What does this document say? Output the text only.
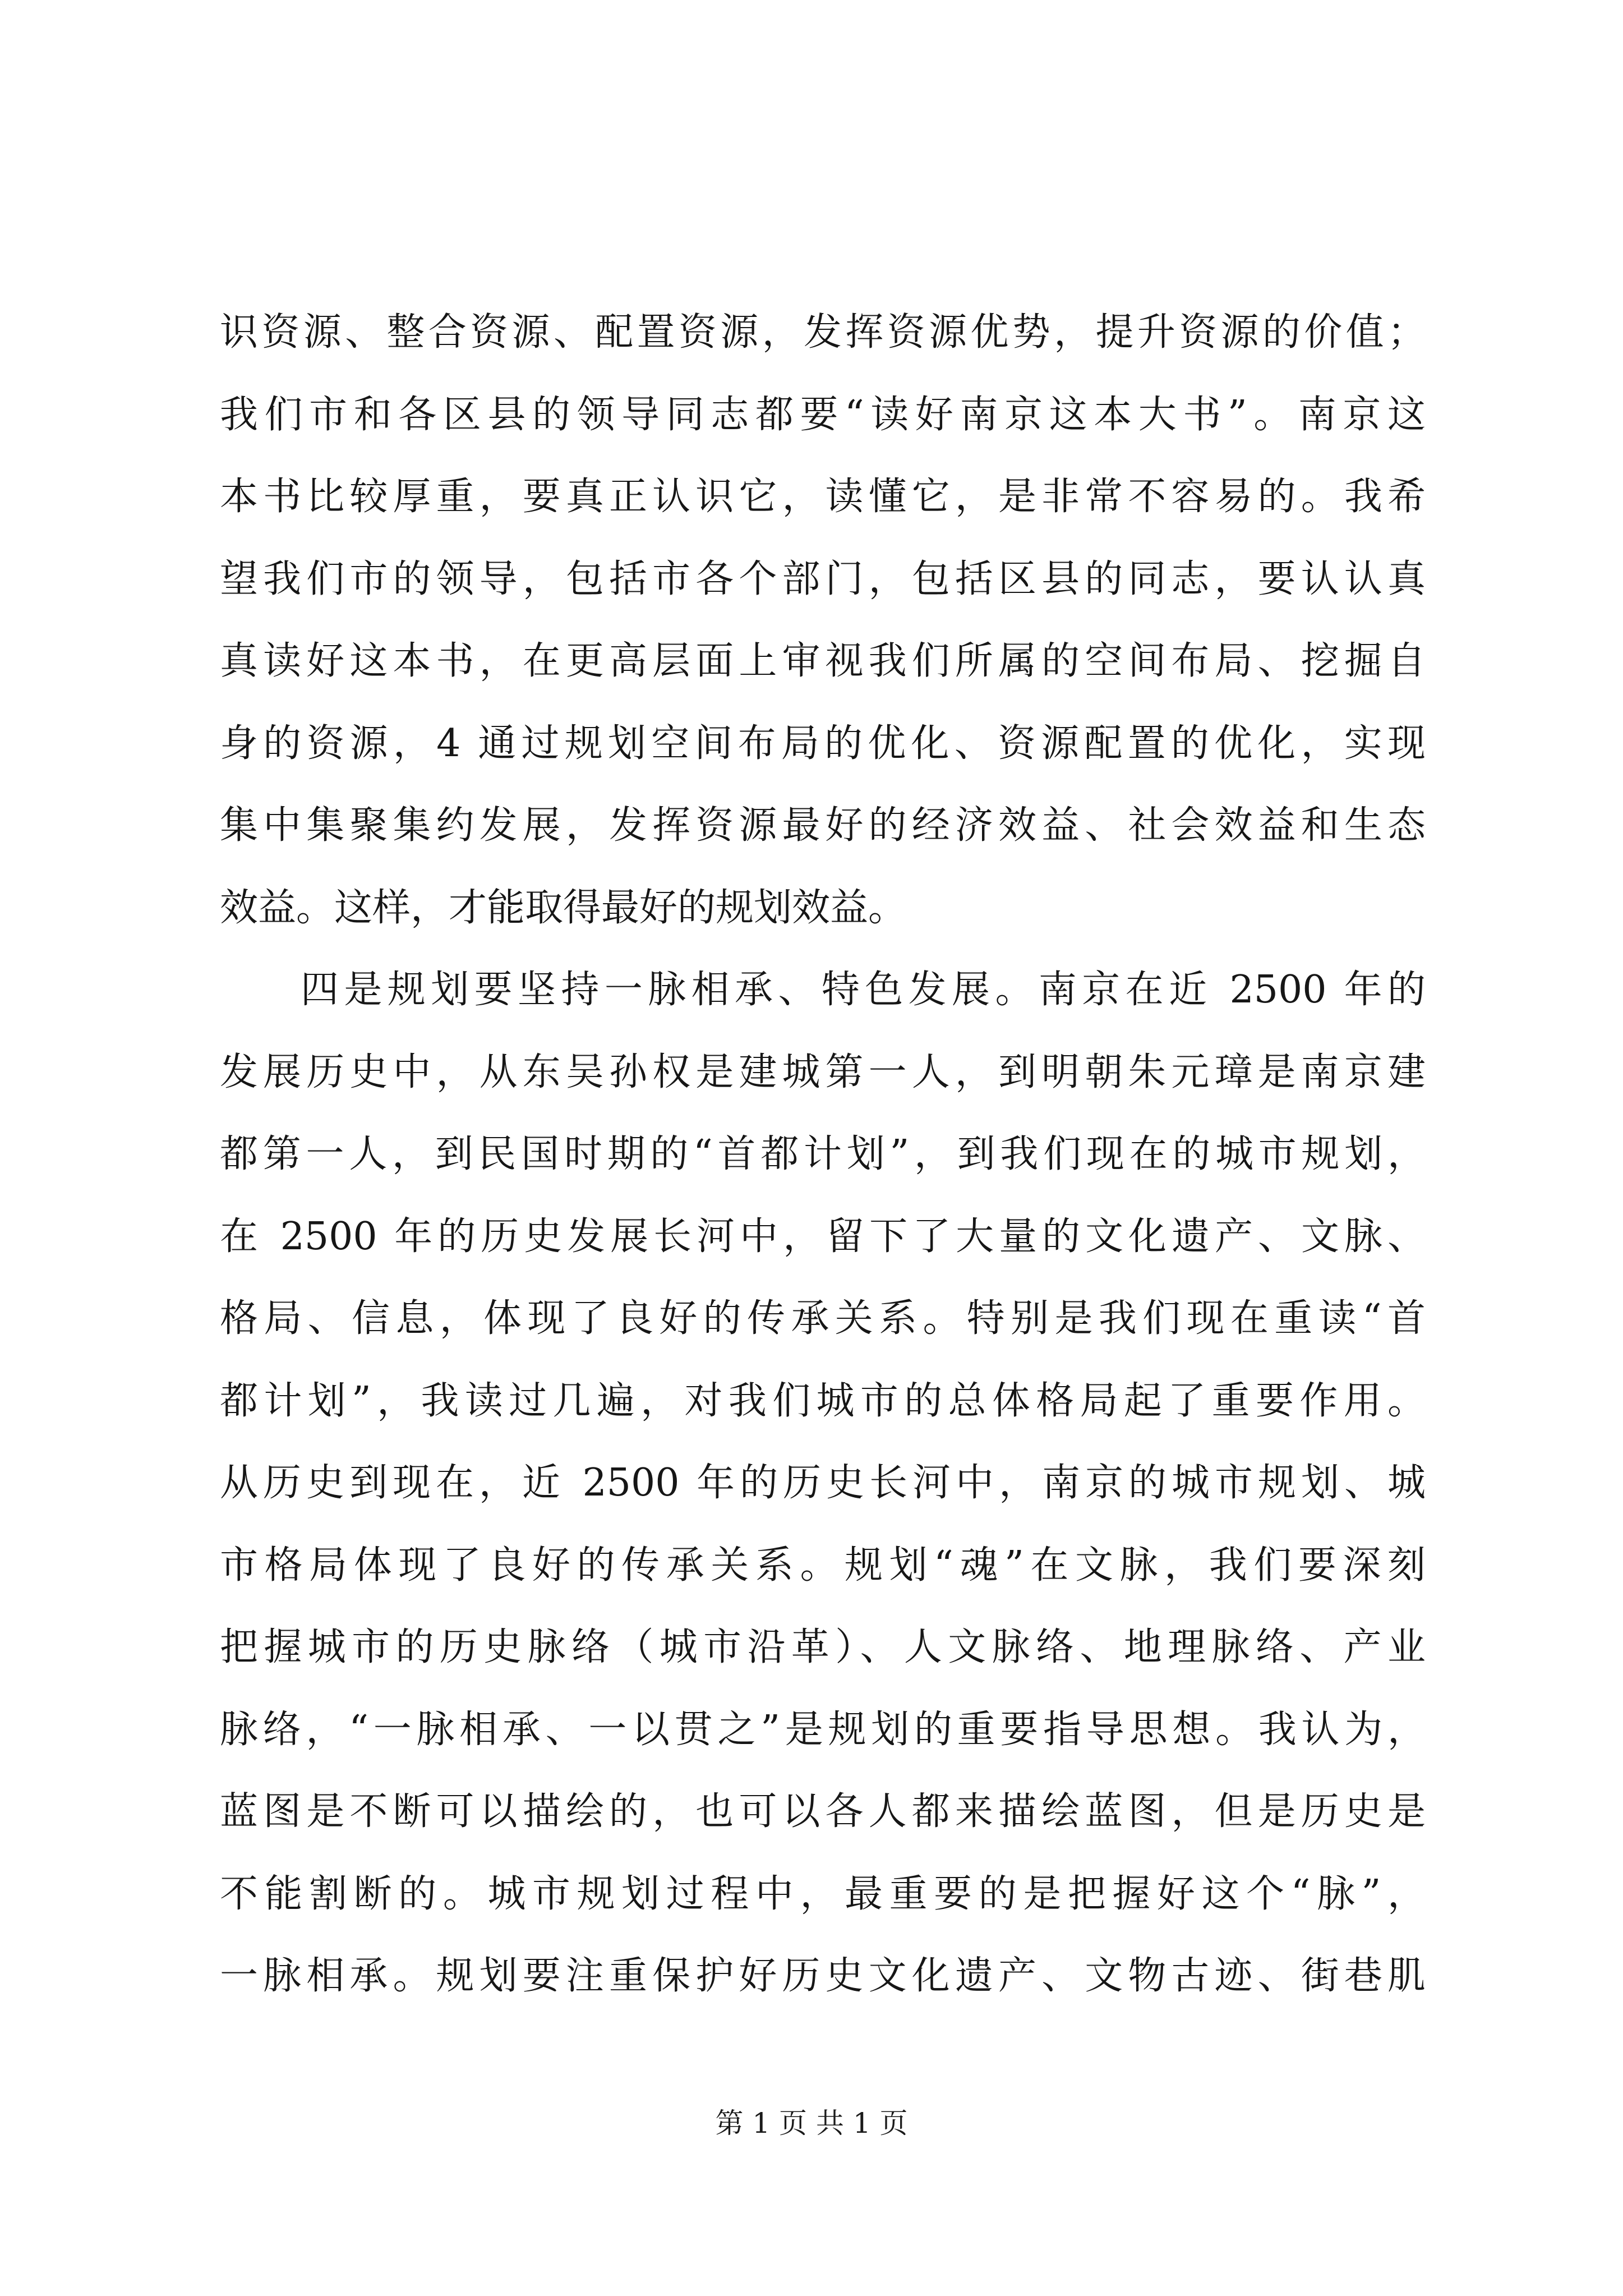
识资源、整合资源、配置资源，发挥资源优势，提升资源的价值；
我们市和各区县的领导同志都要“读好南京这本大书”。南京这
本书比较厚重，要真正认识它，读懂它，是非常不容易的。我希
望我们市的领导，包括市各个部门，包括区县的同志，要认认真
真读好这本书，在更高层面上审视我们所属的空间布局、挖掘自
身的资源，4 通过规划空间布局的优化、资源配置的优化，实现
集中集聚集约发展，发挥资源最好的经济效益、社会效益和生态
效益。这样，才能取得最好的规划效益。
四是规划要坚持一脉相承、特色发展。南京在近 2500 年的
发展历史中，从东吴孙权是建城第一人，到明朝朱元璋是南京建
都第一人，到民国时期的“首都计划”，到我们现在的城市规划，
在 2500 年的历史发展长河中，留下了大量的文化遗产、文脉、
格局、信息，体现了良好的传承关系。特别是我们现在重读“首
都计划”，我读过几遍，对我们城市的总体格局起了重要作用。
从历史到现在，近 2500 年的历史长河中，南京的城市规划、城
市格局体现了良好的传承关系。规划“魂”在文脉，我们要深刻
把握城市的历史脉络（城市沿革）、人文脉络、地理脉络、产业
脉络，“一脉相承、一以贯之”是规划的重要指导思想。我认为，
蓝图是不断可以描绘的，也可以各人都来描绘蓝图，但是历史是
不能割断的。城市规划过程中，最重要的是把握好这个“脉”，
一脉相承。规划要注重保护好历史文化遗产、文物古迹、街巷肌
第 1 页 共 1 页
